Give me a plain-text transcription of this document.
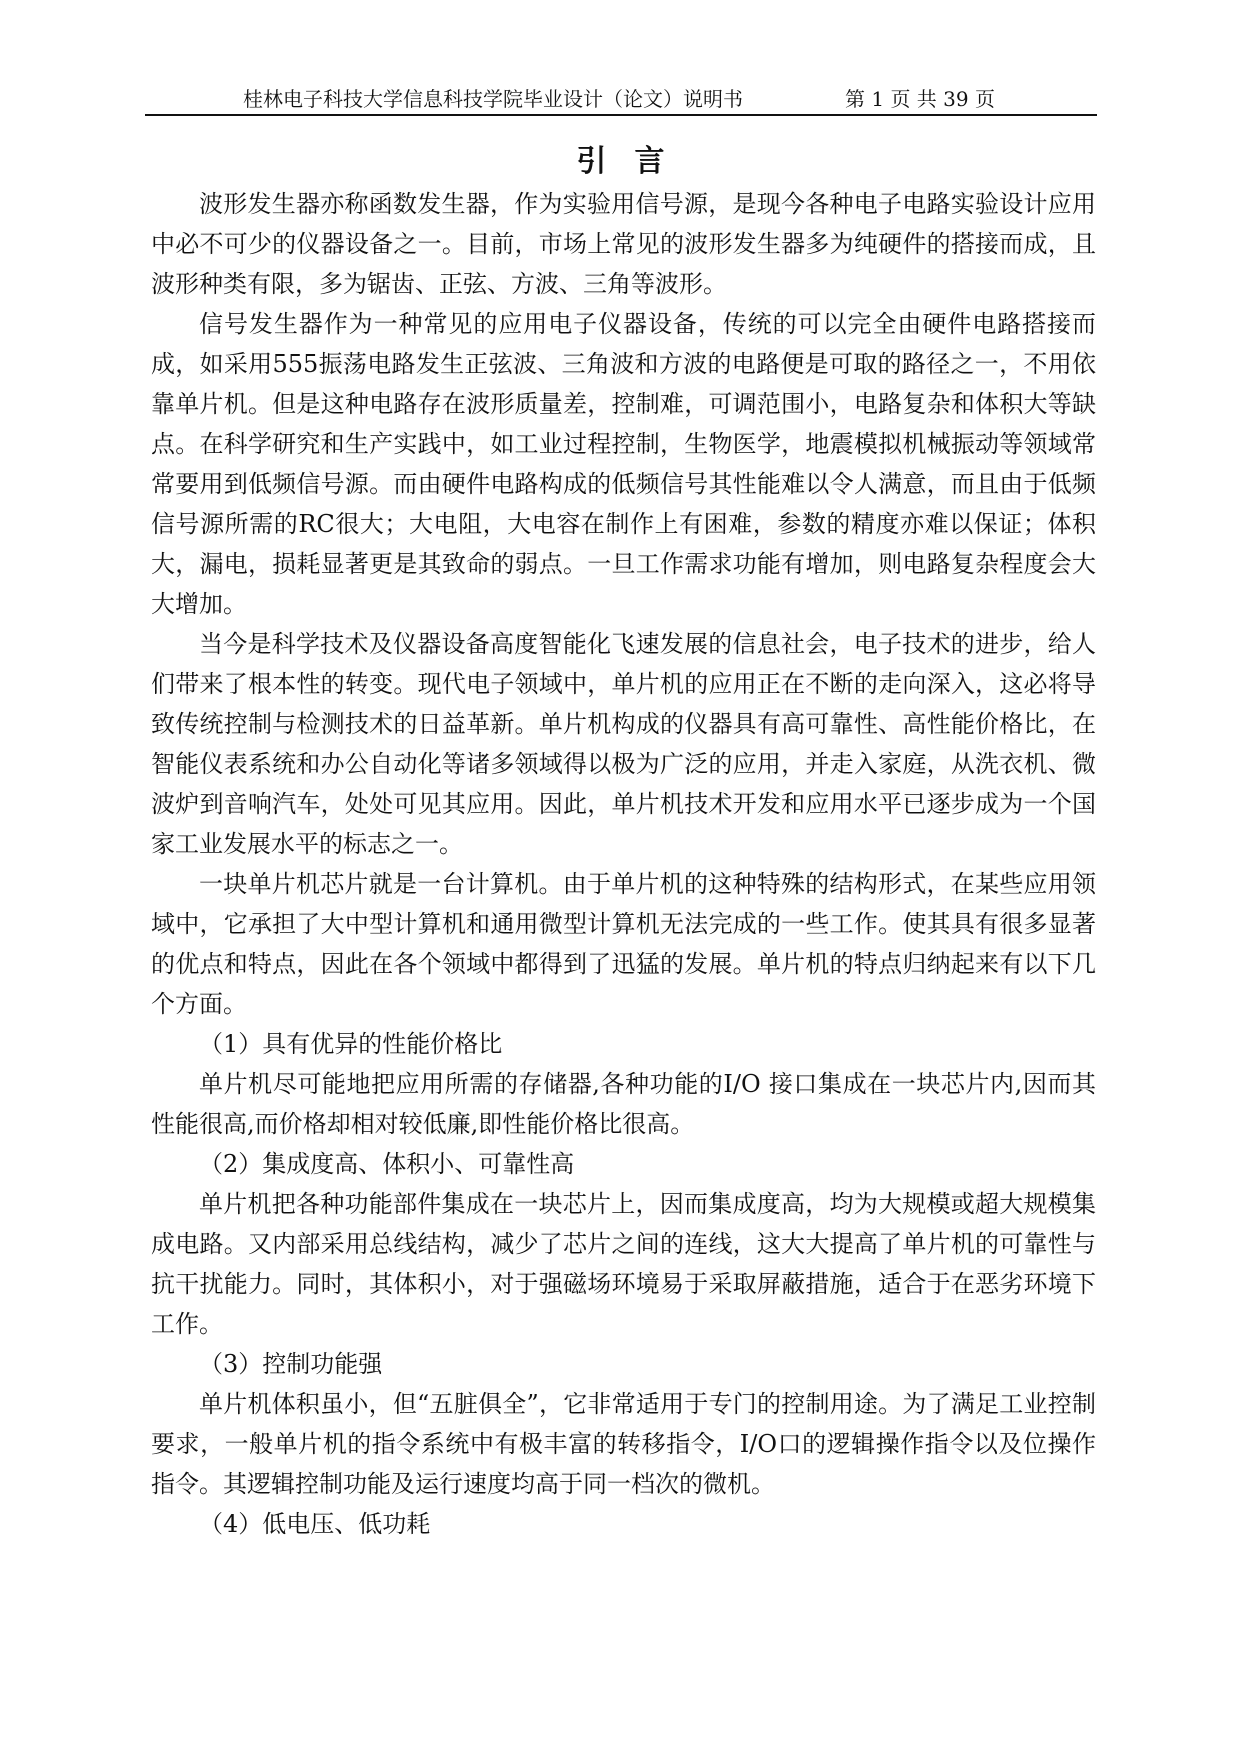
桂林电子科技大学信息科技学院毕业设计（论文）说明书	第 1 页 共 39 页
引言

波形发生器亦称函数发生器，作为实验用信号源，是现今各种电子电路实验设计应用中必不可少的仪器设备之一。目前，市场上常见的波形发生器多为纯硬件的搭接而成，且波形种类有限，多为锯齿、正弦、方波、三角等波形。

信号发生器作为一种常见的应用电子仪器设备，传统的可以完全由硬件电路搭接而成，如采用555振荡电路发生正弦波、三角波和方波的电路便是可取的路径之一，不用依靠单片机。但是这种电路存在波形质量差，控制难，可调范围小，电路复杂和体积大等缺点。在科学研究和生产实践中，如工业过程控制，生物医学，地震模拟机械振动等领域常常要用到低频信号源。而由硬件电路构成的低频信号其性能难以令人满意，而且由于低频信号源所需的RC很大；大电阻，大电容在制作上有困难，参数的精度亦难以保证；体积大，漏电，损耗显著更是其致命的弱点。一旦工作需求功能有增加，则电路复杂程度会大大增加。

当今是科学技术及仪器设备高度智能化飞速发展的信息社会，电子技术的进步，给人们带来了根本性的转变。现代电子领域中，单片机的应用正在不断的走向深入，这必将导致传统控制与检测技术的日益革新。单片机构成的仪器具有高可靠性、高性能价格比，在智能仪表系统和办公自动化等诸多领域得以极为广泛的应用，并走入家庭，从洗衣机、微波炉到音响汽车，处处可见其应用。因此，单片机技术开发和应用水平已逐步成为一个国家工业发展水平的标志之一。

一块单片机芯片就是一台计算机。由于单片机的这种特殊的结构形式，在某些应用领域中，它承担了大中型计算机和通用微型计算机无法完成的一些工作。使其具有很多显著的优点和特点，因此在各个领域中都得到了迅猛的发展。单片机的特点归纳起来有以下几个方面。

（1）具有优异的性能价格比

单片机尽可能地把应用所需的存储器,各种功能的I/O 接口集成在一块芯片内,因而其性能很高,而价格却相对较低廉,即性能价格比很高。

（2）集成度高、体积小、可靠性高

单片机把各种功能部件集成在一块芯片上，因而集成度高，均为大规模或超大规模集成电路。又内部采用总线结构，减少了芯片之间的连线，这大大提高了单片机的可靠性与抗干扰能力。同时，其体积小，对于强磁场环境易于采取屏蔽措施，适合于在恶劣环境下工作。

（3）控制功能强

单片机体积虽小，但“五脏俱全”，它非常适用于专门的控制用途。为了满足工业控制要求，一般单片机的指令系统中有极丰富的转移指令，I/O口的逻辑操作指令以及位操作指令。其逻辑控制功能及运行速度均高于同一档次的微机。

（4）低电压、低功耗
